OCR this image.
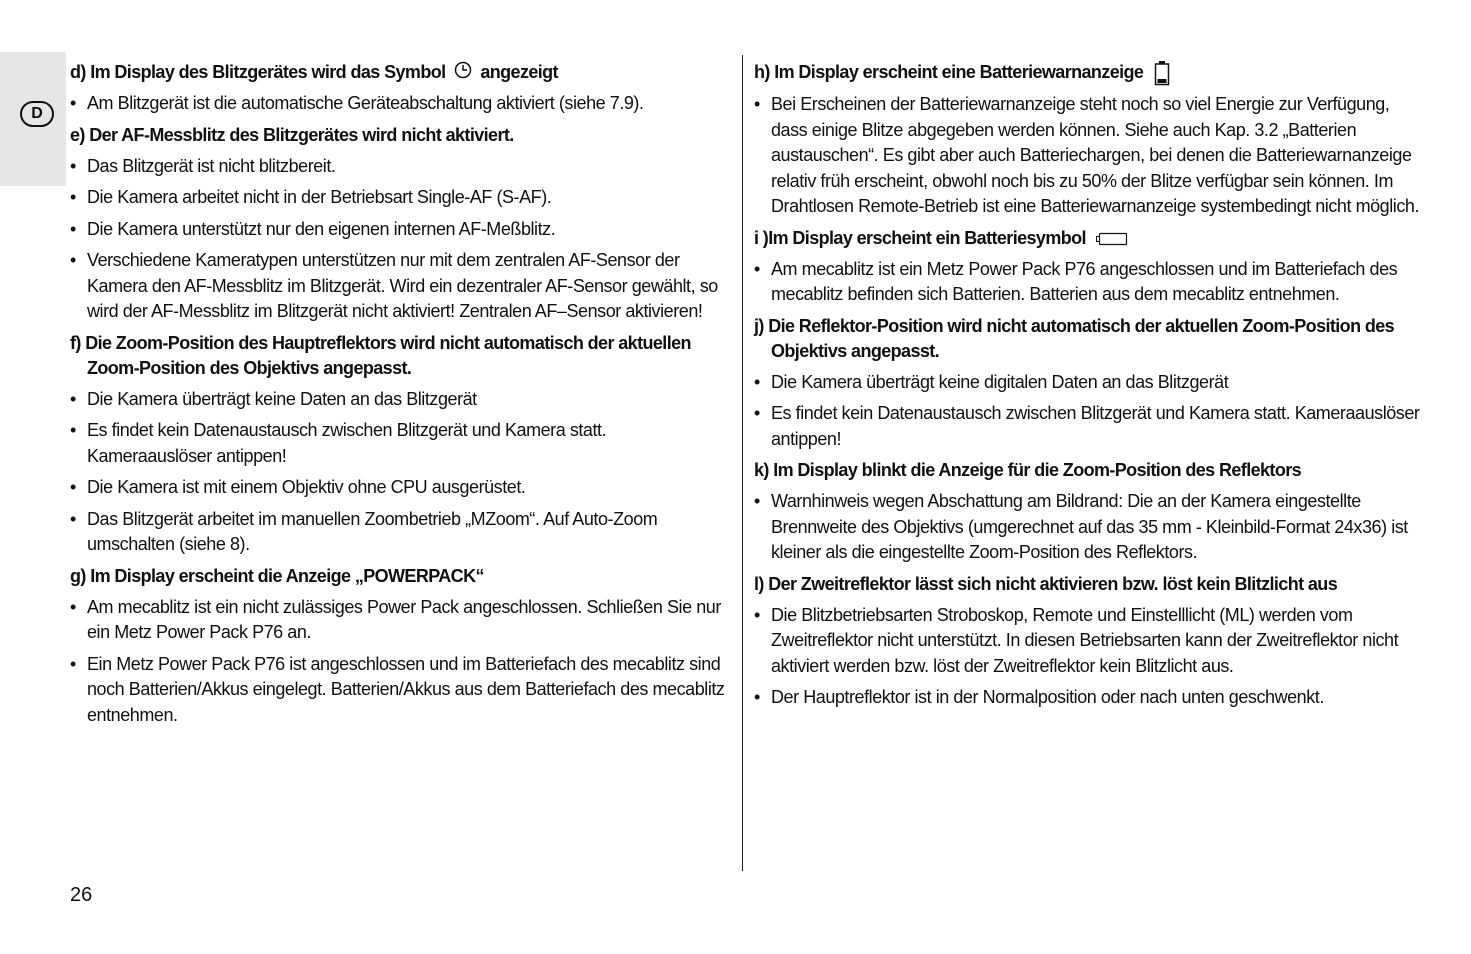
D

d) Im Display des Blitzgerätes wird das Symbol angezeigt

• Am Blitzgerät ist die automatische Geräteabschaltung aktiviert (siehe 7.9).

e) Der AF-Messblitz des Blitzgerätes wird nicht aktiviert.

• Das Blitzgerät ist nicht blitzbereit.

• Die Kamera arbeitet nicht in der Betriebsart Single-AF (S-AF).

• Die Kamera unterstützt nur den eigenen internen AF-Meßblitz.

• Verschiedene Kameratypen unterstützen nur mit dem zentralen AF-Sensor der Kamera den AF-Messblitz im Blitzgerät. Wird ein dezentraler AF-Sensor gewählt, so wird der AF-Messblitz im Blitzgerät nicht aktiviert! Zentralen AF–Sensor aktivieren!

f) Die Zoom-Position des Hauptreflektors wird nicht automatisch der aktuellen Zoom-Position des Objektivs angepasst.

• Die Kamera überträgt keine Daten an das Blitzgerät

• Es findet kein Datenaustausch zwischen Blitzgerät und Kamera statt. Kameraauslöser antippen!

• Die Kamera ist mit einem Objektiv ohne CPU ausgerüstet.

• Das Blitzgerät arbeitet im manuellen Zoombetrieb „MZoom“. Auf Auto-Zoom umschalten (siehe 8).

g) Im Display erscheint die Anzeige „POWERPACK“

• Am mecablitz ist ein nicht zulässiges Power Pack angeschlossen. Schließen Sie nur ein Metz Power Pack P76 an.

• Ein Metz Power Pack P76 ist angeschlossen und im Batteriefach des mecablitz sind noch Batterien/Akkus eingelegt. Batterien/Akkus aus dem Batteriefach des mecablitz entnehmen.

h) Im Display erscheint eine Batteriewarnanzeige

• Bei Erscheinen der Batteriewarnanzeige steht noch so viel Energie zur Verfügung, dass einige Blitze abgegeben werden können. Siehe auch Kap. 3.2 „Batterien austauschen“. Es gibt aber auch Batteriechargen, bei denen die Batteriewarnanzeige relativ früh erscheint, obwohl noch bis zu 50% der Blitze verfügbar sein können. Im Drahtlosen Remote-Betrieb ist eine Batteriewarnanzeige systembedingt nicht möglich.

i )Im Display erscheint ein Batteriesymbol

• Am mecablitz ist ein Metz Power Pack P76 angeschlossen und im Batteriefach des mecablitz befinden sich Batterien. Batterien aus dem mecablitz entnehmen.

j) Die Reflektor-Position wird nicht automatisch der aktuellen Zoom-Position des Objektivs angepasst.

• Die Kamera überträgt keine digitalen Daten an das Blitzgerät

• Es findet kein Datenaustausch zwischen Blitzgerät und Kamera statt. Kameraauslöser antippen!

k) Im Display blinkt die Anzeige für die Zoom-Position des Reflektors

• Warnhinweis wegen Abschattung am Bildrand: Die an der Kamera eingestellte Brennweite des Objektivs (umgerechnet auf das 35 mm - Kleinbild-Format 24x36) ist kleiner als die eingestellte Zoom-Position des Reflektors.

l) Der Zweitreflektor lässt sich nicht aktivieren bzw. löst kein Blitzlicht aus

• Die Blitzbetriebsarten Stroboskop, Remote und Einstelllicht (ML) werden vom Zweitreflektor nicht unterstützt. In diesen Betriebsarten kann der Zweitreflektor nicht aktiviert werden bzw. löst der Zweitreflektor kein Blitzlicht aus.

• Der Hauptreflektor ist in der Normalposition oder nach unten geschwenkt.

26
